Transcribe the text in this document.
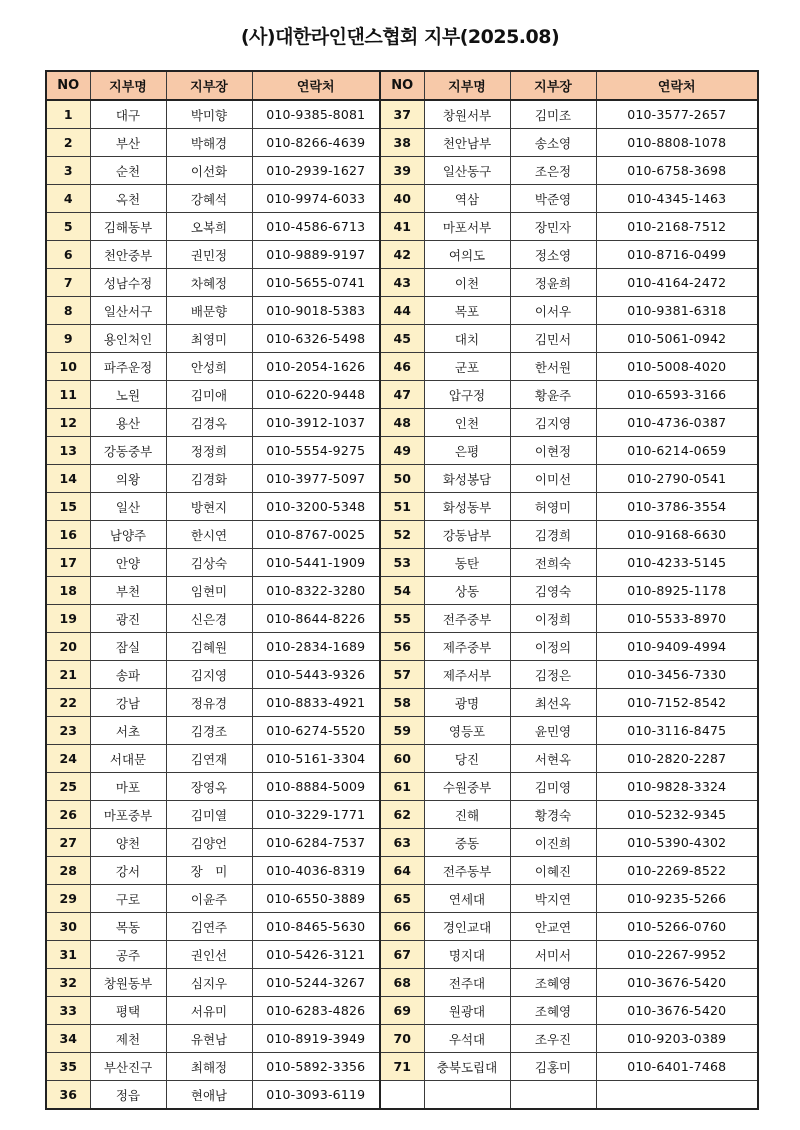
(사)대한라인댄스협회 지부(2025.08)
NO	지부명	지부장	연락처	NO	지부명	지부장	연락처
1	대구	박미향	010-9385-8081	37	창원서부	김미조	010-3577-2657
2	부산	박해경	010-8266-4639	38	천안남부	송소영	010-8808-1078
3	순천	이선화	010-2939-1627	39	일산동구	조은정	010-6758-3698
4	옥천	강혜석	010-9974-6033	40	역삼	박준영	010-4345-1463
5	김해동부	오복희	010-4586-6713	41	마포서부	장민자	010-2168-7512
6	천안중부	권민정	010-9889-9197	42	여의도	정소영	010-8716-0499
7	성남수정	차혜정	010-5655-0741	43	이천	정윤희	010-4164-2472
8	일산서구	배문향	010-9018-5383	44	목포	이서우	010-9381-6318
9	용인처인	최영미	010-6326-5498	45	대치	김민서	010-5061-0942
10	파주운정	안성희	010-2054-1626	46	군포	한서원	010-5008-4020
11	노원	김미애	010-6220-9448	47	압구정	황윤주	010-6593-3166
12	용산	김경옥	010-3912-1037	48	인천	김지영	010-4736-0387
13	강동중부	정정희	010-5554-9275	49	은평	이현정	010-6214-0659
14	의왕	김경화	010-3977-5097	50	화성봉담	이미선	010-2790-0541
15	일산	방현지	010-3200-5348	51	화성동부	허영미	010-3786-3554
16	남양주	한시연	010-8767-0025	52	강동남부	김경희	010-9168-6630
17	안양	김상숙	010-5441-1909	53	동탄	전희숙	010-4233-5145
18	부천	임현미	010-8322-3280	54	상동	김영숙	010-8925-1178
19	광진	신은경	010-8644-8226	55	전주중부	이정희	010-5533-8970
20	잠실	김혜원	010-2834-1689	56	제주중부	이정의	010-9409-4994
21	송파	김지영	010-5443-9326	57	제주서부	김정은	010-3456-7330
22	강남	정유경	010-8833-4921	58	광명	최선옥	010-7152-8542
23	서초	김경조	010-6274-5520	59	영등포	윤민영	010-3116-8475
24	서대문	김연재	010-5161-3304	60	당진	서현옥	010-2820-2287
25	마포	장영옥	010-8884-5009	61	수원중부	김미영	010-9828-3324
26	마포중부	김미열	010-3229-1771	62	진해	황경숙	010-5232-9345
27	양천	김양언	010-6284-7537	63	중동	이진희	010-5390-4302
28	강서	장　미	010-4036-8319	64	전주동부	이혜진	010-2269-8522
29	구로	이윤주	010-6550-3889	65	연세대	박지연	010-9235-5266
30	목동	김연주	010-8465-5630	66	경인교대	안교연	010-5266-0760
31	공주	권인선	010-5426-3121	67	명지대	서미서	010-2267-9952
32	창원동부	심지우	010-5244-3267	68	전주대	조혜영	010-3676-5420
33	평택	서유미	010-6283-4826	69	원광대	조혜영	010-3676-5420
34	제천	유현남	010-8919-3949	70	우석대	조우진	010-9203-0389
35	부산진구	최해정	010-5892-3356	71	충북도립대	김홍미	010-6401-7468
36	정읍	현애남	010-3093-6119				
